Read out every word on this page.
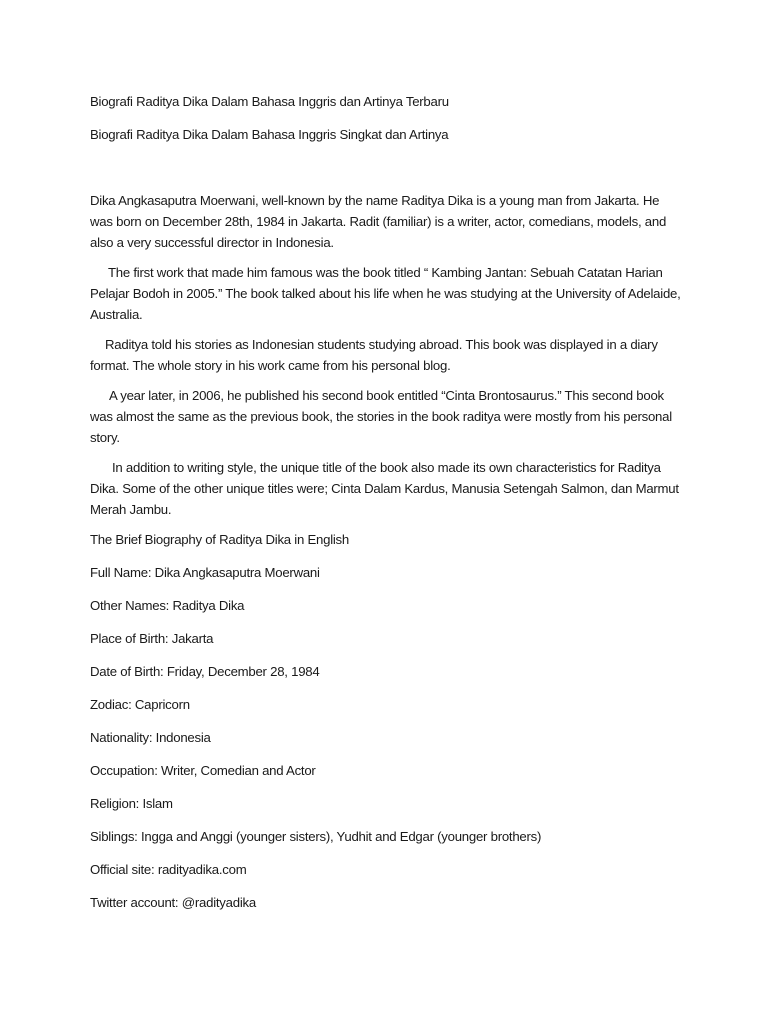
Biografi Raditya Dika Dalam Bahasa Inggris dan Artinya Terbaru

Biografi Raditya Dika Dalam Bahasa Inggris Singkat dan Artinya

Dika Angkasaputra Moerwani, well-known by the name Raditya Dika is a young man from Jakarta. He was born on December 28th, 1984 in Jakarta. Radit (familiar) is a writer, actor, comedians, models, and also a very successful director in Indonesia.

The first work that made him famous was the book titled “ Kambing Jantan: Sebuah Catatan Harian Pelajar Bodoh in 2005.” The book talked about his life when he was studying at the University of Adelaide, Australia.

Raditya told his stories as Indonesian students studying abroad. This book was displayed in a diary format. The whole story in his work came from his personal blog.

A year later, in 2006, he published his second book entitled “Cinta Brontosaurus.” This second book was almost the same as the previous book, the stories in the book raditya were mostly from his personal story.

In addition to writing style, the unique title of the book also made its own characteristics for Raditya Dika. Some of the other unique titles were; Cinta Dalam Kardus, Manusia Setengah Salmon, dan Marmut Merah Jambu.

The Brief Biography of Raditya Dika in English

Full Name: Dika Angkasaputra Moerwani
Other Names: Raditya Dika
Place of Birth: Jakarta
Date of Birth: Friday, December 28, 1984
Zodiac: Capricorn
Nationality: Indonesia
Occupation: Writer, Comedian and Actor
Religion: Islam
Siblings: Ingga and Anggi (younger sisters), Yudhit and Edgar (younger brothers)
Official site: radityadika.com
Twitter account: @radityadika
